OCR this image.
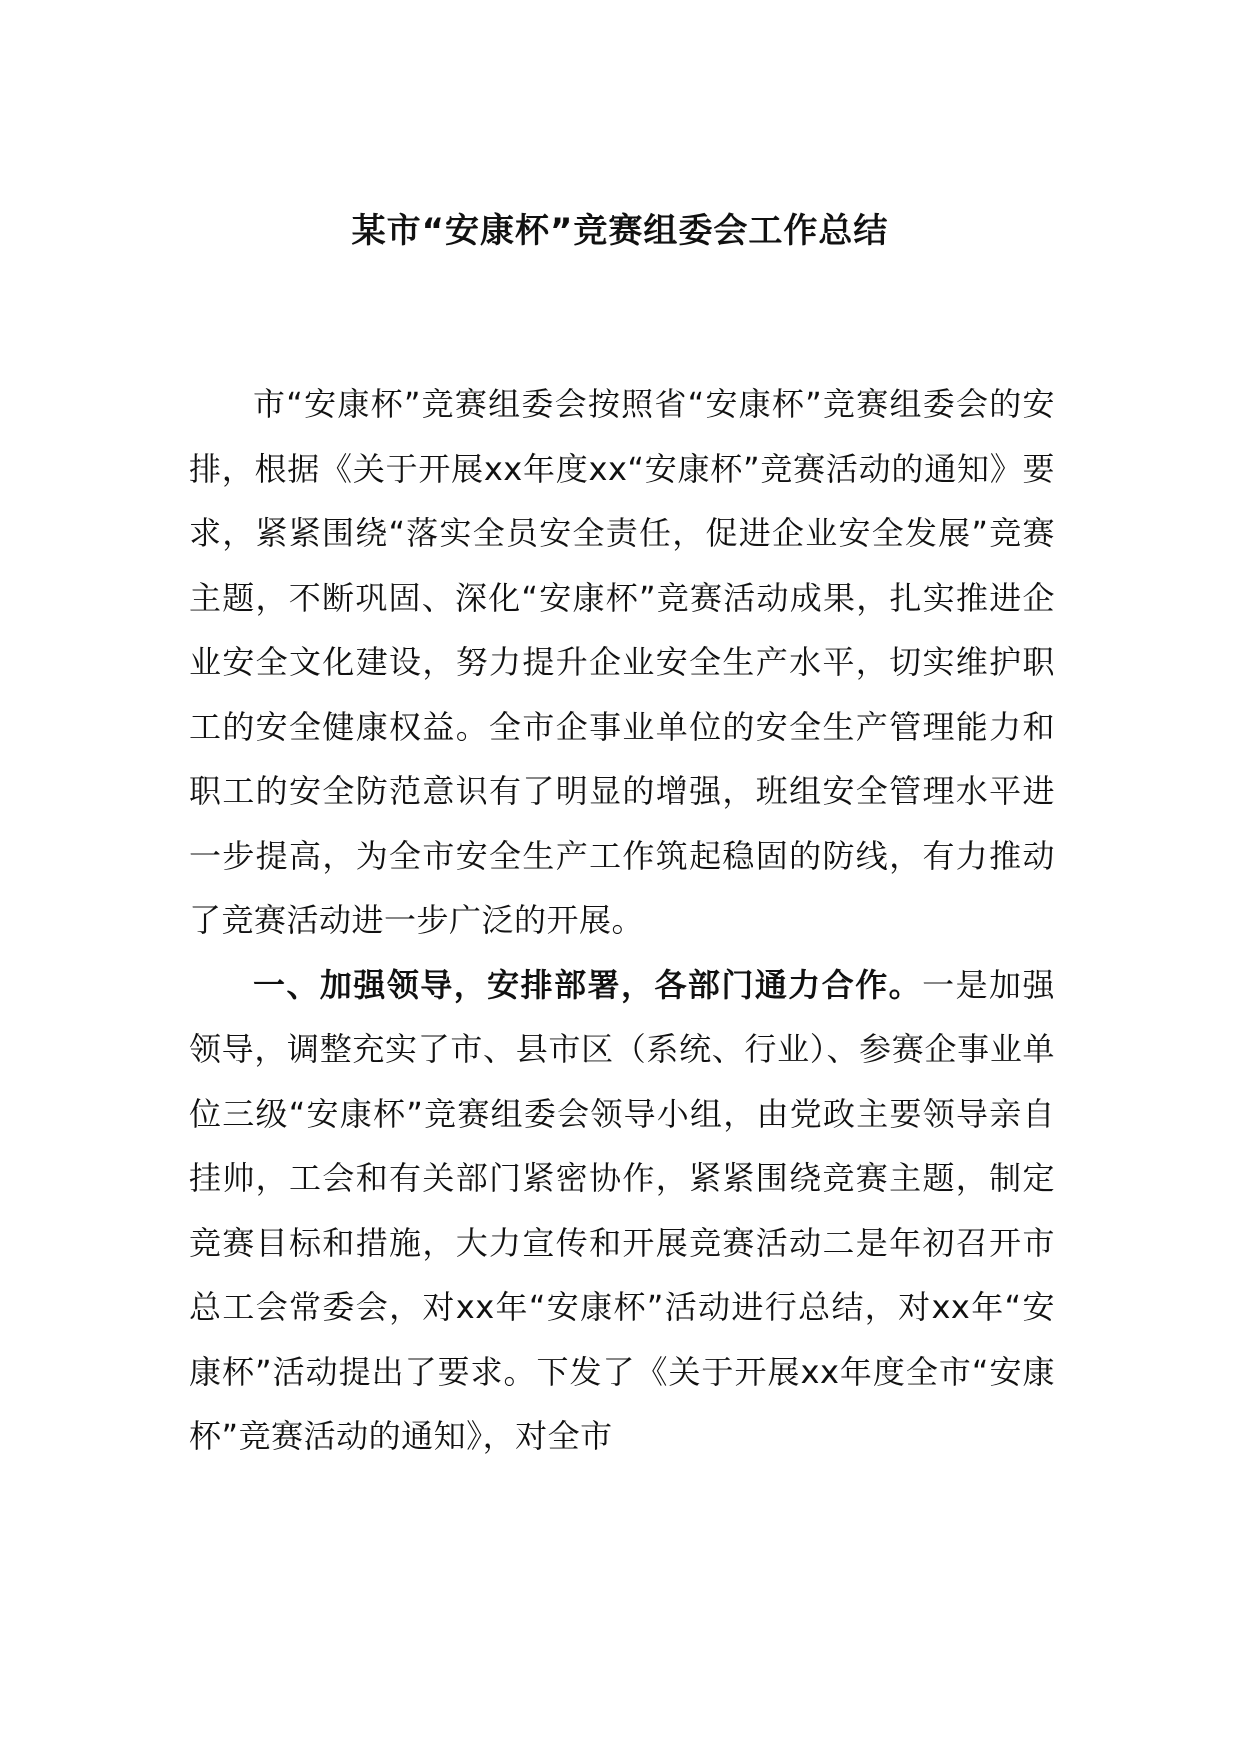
某市“安康杯”竞赛组委会工作总结

市“安康杯”竞赛组委会按照省“安康杯”竞赛组委会的安排，根据《关于开展xx年度xx“安康杯”竞赛活动的通知》要求，紧紧围绕“落实全员安全责任，促进企业安全发展”竞赛主题，不断巩固、深化“安康杯”竞赛活动成果，扎实推进企业安全文化建设，努力提升企业安全生产水平，切实维护职工的安全健康权益。全市企事业单位的安全生产管理能力和职工的安全防范意识有了明显的增强，班组安全管理水平进一步提高，为全市安全生产工作筑起稳固的防线，有力推动了竞赛活动进一步广泛的开展。

一、加强领导，安排部署，各部门通力合作。一是加强领导，调整充实了市、县市区（系统、行业）、参赛企事业单位三级“安康杯”竞赛组委会领导小组，由党政主要领导亲自挂帅，工会和有关部门紧密协作，紧紧围绕竞赛主题，制定竞赛目标和措施，大力宣传和开展竞赛活动二是年初召开市总工会常委会，对xx年“安康杯”活动进行总结，对xx年“安康杯”活动提出了要求。下发了《关于开展xx年度全市“安康杯”竞赛活动的通知》，对全市
